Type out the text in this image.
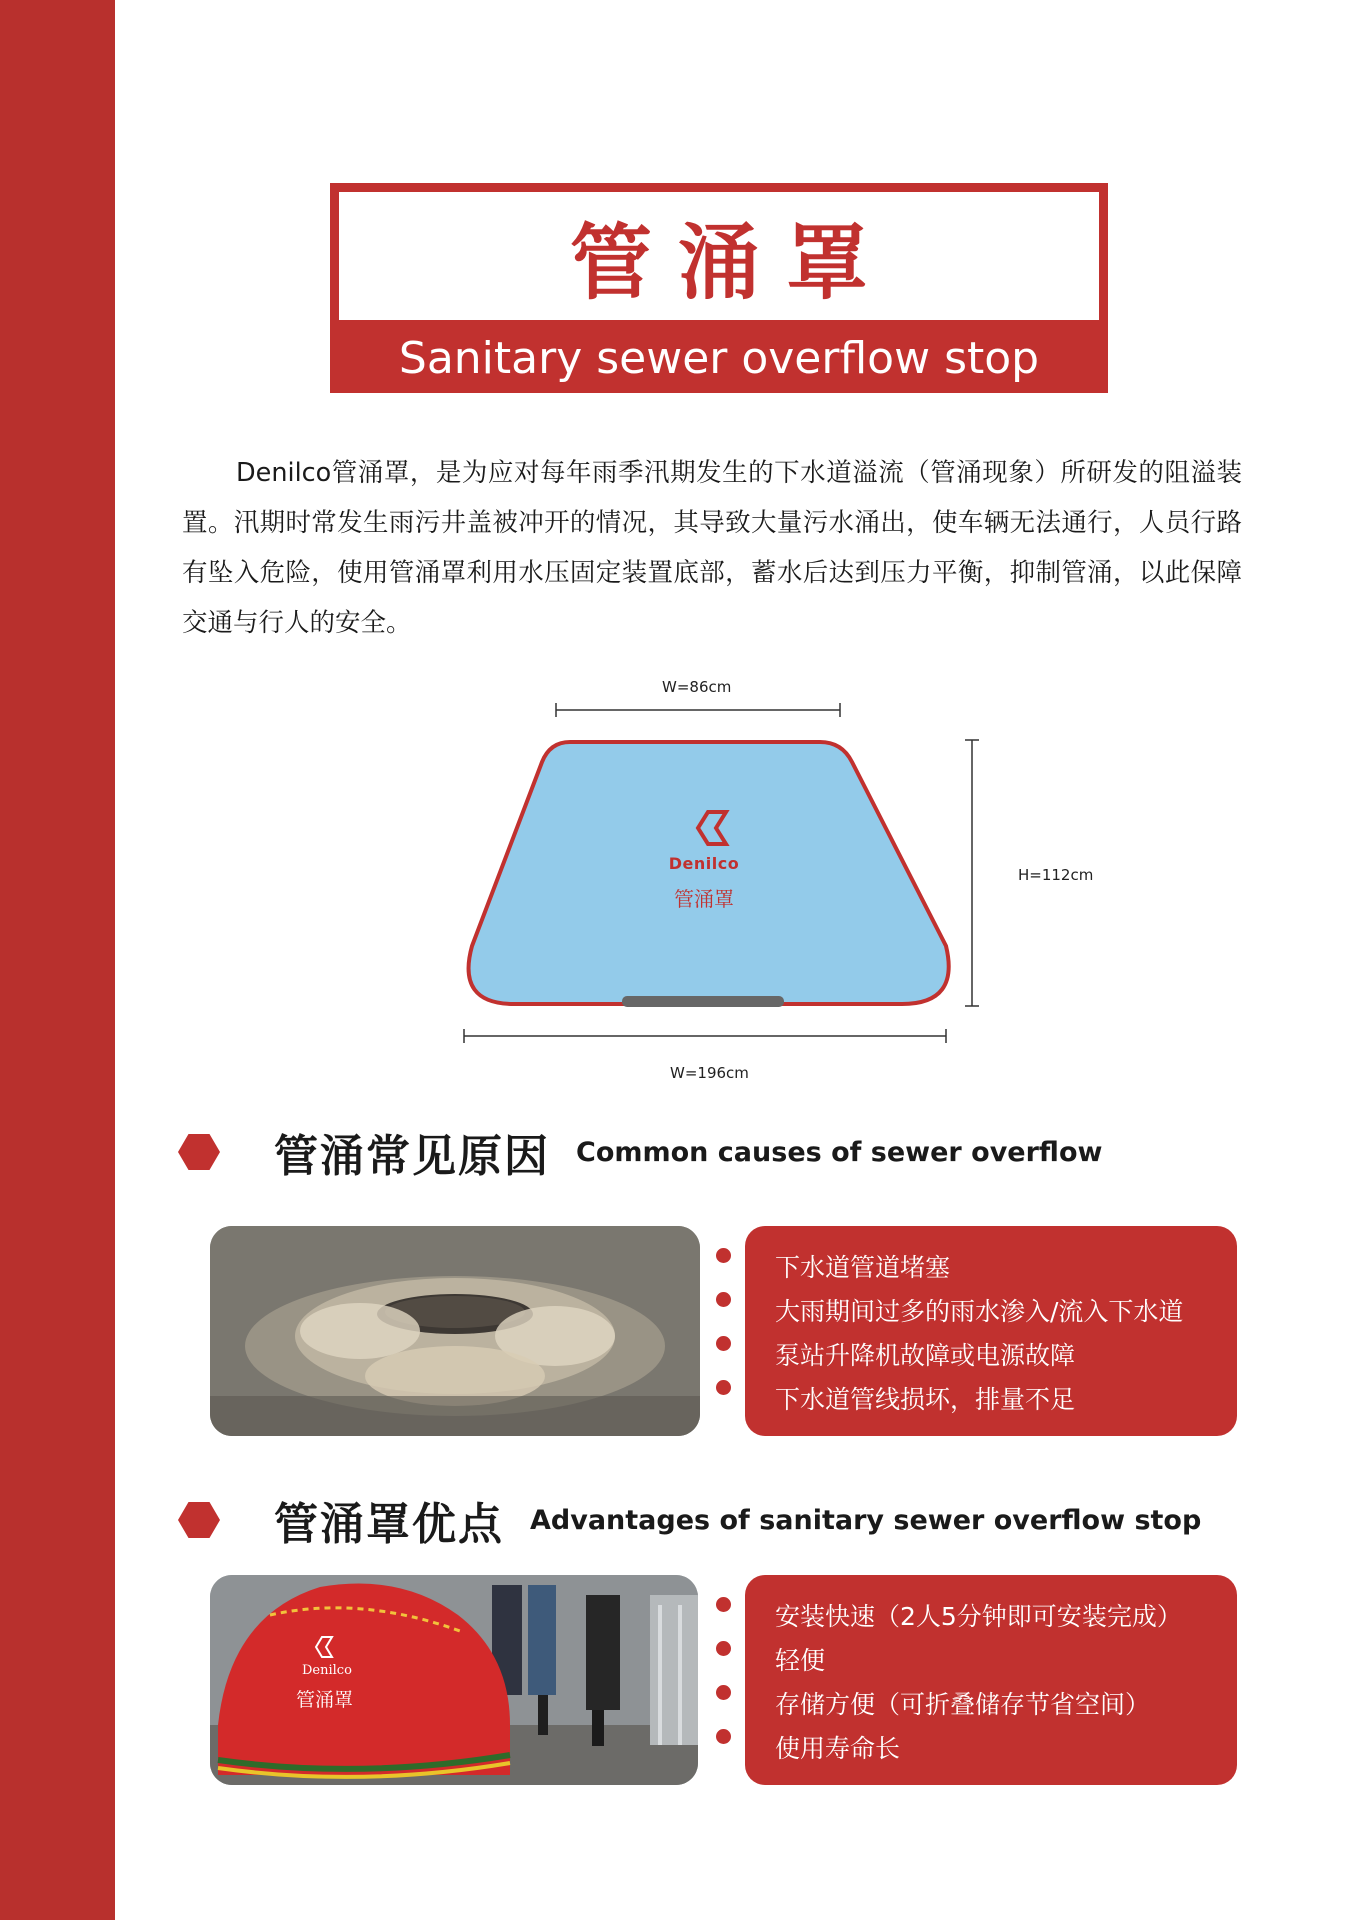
管涌罩
Sanitary sewer overflow stop

Denilco管涌罩，是为应对每年雨季汛期发生的下水道溢流（管涌现象）所研发的阻溢装置。汛期时常发生雨污井盖被冲开的情况，其导致大量污水涌出，使车辆无法通行，人员行路有坠入危险，使用管涌罩利用水压固定装置底部，蓄水后达到压力平衡，抑制管涌，以此保障交通与行人的安全。

W=86cm
W=196cm
H=112cm
Denilco
管涌罩
管涌常见原因 Common causes of sewer overflow
下水道管道堵塞
大雨期间过多的雨水渗入/流入下水道
泵站升降机故障或电源故障
下水道管线损坏，排量不足
管涌罩优点 Advantages of sanitary sewer overflow stop
Denilco
管涌罩
安装快速（2人5分钟即可安装完成）
轻便
存储方便（可折叠储存节省空间）
使用寿命长
